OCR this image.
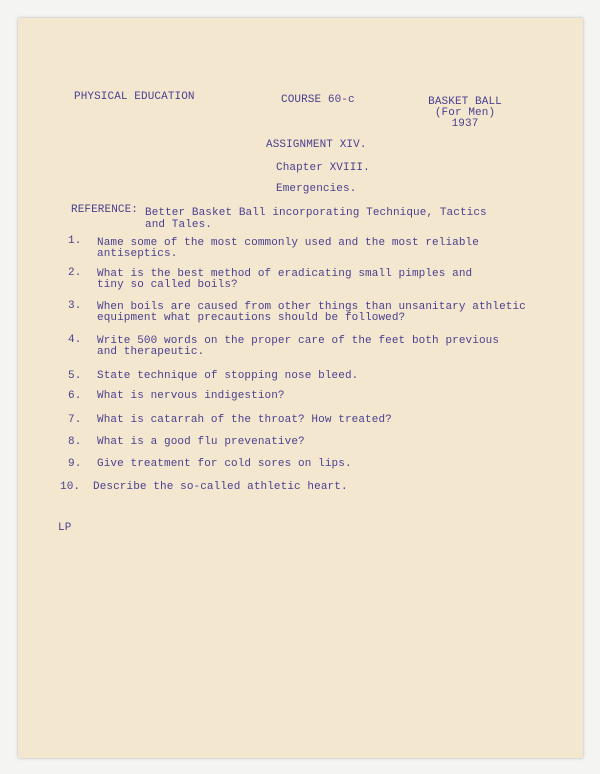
PHYSICAL EDUCATION	COURSE 60-c	BASKET BALL
(For Men)
1937
ASSIGNMENT XIV.
Chapter XVIII.
Emergencies.
REFERENCE: Better Basket Ball incorporating Technique, Tactics
and Tales.
1.	Name some of the most commonly used and the most reliable
antiseptics.
2.	What is the best method of eradicating small pimples and
tiny so called boils?
3.	When boils are caused from other things than unsanitary athletic
equipment what precautions should be followed?
4.	Write 500 words on the proper care of the feet both previous
and therapeutic.
5.	State technique of stopping nose bleed.
6.	What is nervous indigestion?
7.	What is catarrah of the throat? How treated?
8.	What is a good flu prevenative?
9.	Give treatment for cold sores on lips.
10. Describe the so-called athletic heart.
LP
